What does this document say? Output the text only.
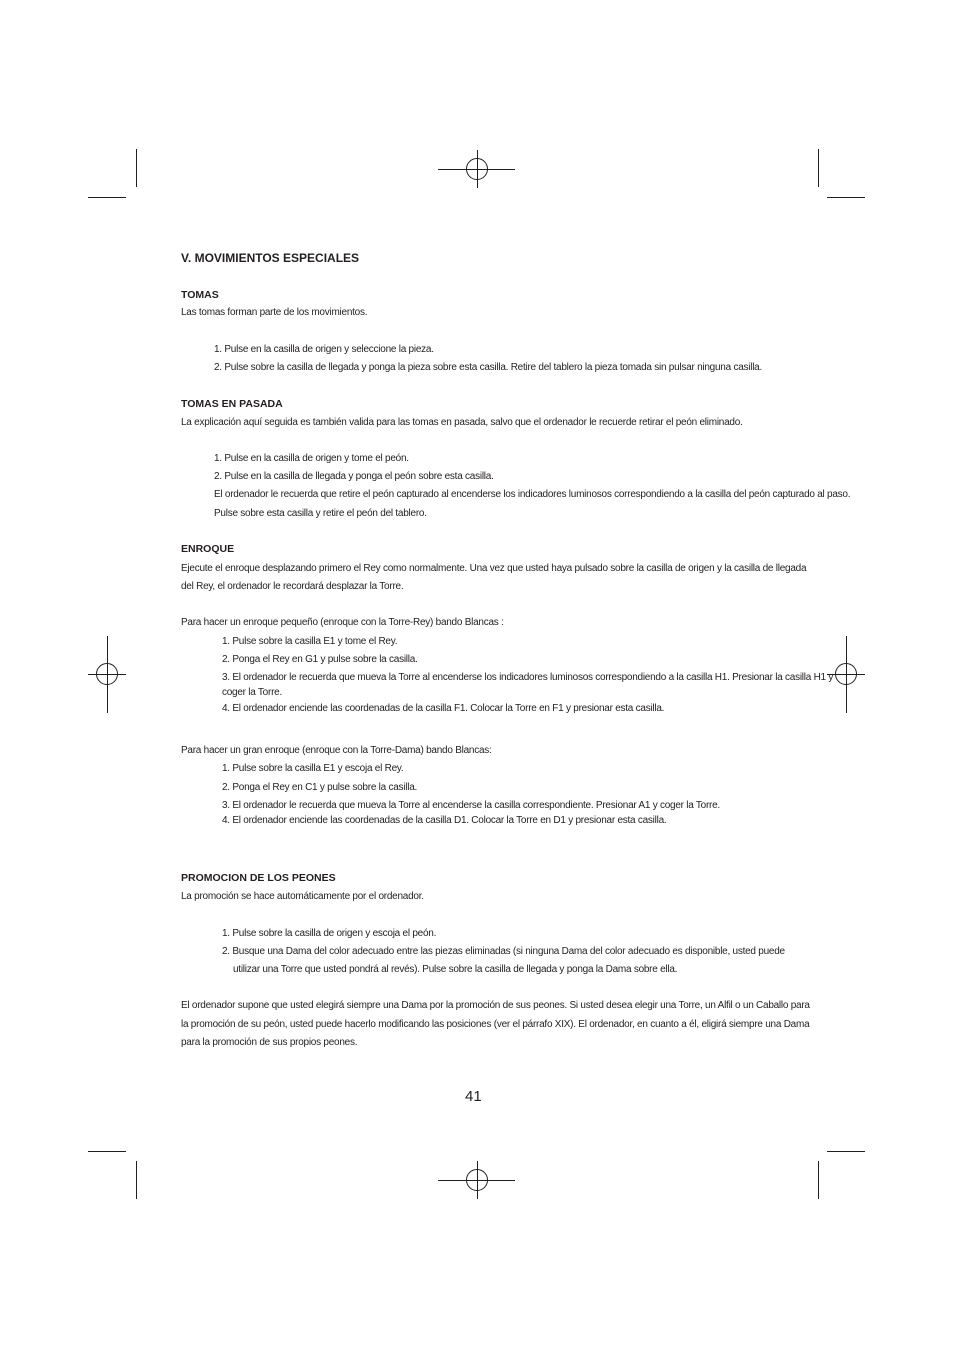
V. MOVIMIENTOS ESPECIALES
TOMAS
Las tomas forman parte de los movimientos.
1. Pulse en la casilla de origen y seleccione la pieza.
2. Pulse sobre la casilla de llegada y ponga la pieza sobre esta casilla. Retire del tablero la pieza tomada sin pulsar ninguna casilla.
TOMAS EN PASADA
La explicación aquí seguida es también valida para las tomas en pasada, salvo que el ordenador le recuerde retirar el peón eliminado.
1. Pulse en la casilla de origen y tome el peón.
2. Pulse en la casilla de llegada y ponga el peón sobre esta casilla.
El ordenador le recuerda que retire el peón capturado al encenderse los indicadores luminosos correspondiendo a la casilla del peón capturado al paso.
Pulse sobre esta casilla y retire el peón del tablero.
ENROQUE
Ejecute el enroque desplazando primero el Rey como normalmente. Una vez que usted haya pulsado sobre la casilla de origen y la casilla de llegada
del Rey, el ordenador le recordará desplazar la Torre.
Para hacer un enroque pequeño (enroque con la Torre-Rey) bando Blancas :
1. Pulse sobre la casilla E1 y tome el Rey.
2. Ponga el Rey en G1 y pulse sobre la casilla.
3. El ordenador le recuerda que mueva la Torre al encenderse los indicadores luminosos correspondiendo a la casilla H1. Presionar la casilla H1 y
coger la Torre.
4. El ordenador enciende las coordenadas de la casilla F1. Colocar la Torre en F1 y presionar esta casilla.
Para hacer un gran enroque (enroque con la Torre-Dama) bando Blancas:
1. Pulse sobre la casilla E1 y escoja el Rey.
2. Ponga el Rey en C1 y pulse sobre la casilla.
3. El ordenador le recuerda que mueva la Torre al encenderse la casilla correspondiente. Presionar A1 y coger la Torre.
4. El ordenador enciende las coordenadas de la casilla D1. Colocar la Torre en D1 y presionar esta casilla.
PROMOCION DE LOS PEONES
La promoción se hace automáticamente por el ordenador.
1. Pulse sobre la casilla de origen y escoja el peón.
2. Busque una Dama del color adecuado entre las piezas eliminadas (si ninguna Dama del color adecuado es disponible, usted puede
utilizar una Torre que usted pondrá al revés). Pulse sobre la casilla de llegada y ponga la Dama sobre ella.
El ordenador supone que usted elegirá siempre una Dama por la promoción de sus peones. Si usted desea elegir una Torre, un Alfil o un Caballo para
la promoción de su peón, usted puede hacerlo modificando las posiciones (ver el párrafo XIX). El ordenador, en cuanto a él, eligirá siempre una Dama
para la promoción de sus propios peones.
41
